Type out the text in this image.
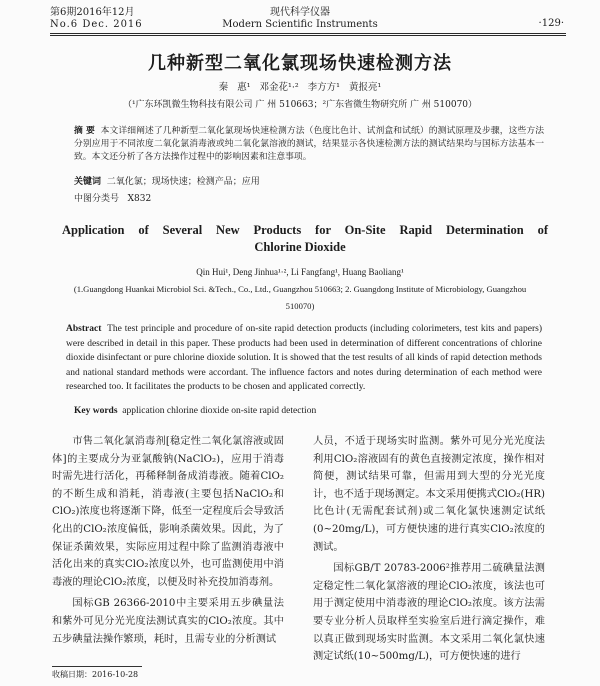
第6期2016年12月
No.6 Dec. 2016
现代科学仪器
Modern Scientific Instruments	·129·
几种新型二氧化氯现场快速检测方法
秦 惠¹ 邓金花¹·² 李方方¹ 黄报亮¹
（¹广东环凯微生物科技有限公司 广 州 510663；²广东省微生物研究所 广 州 510070）
摘 要 本文详细阐述了几种新型二氧化氯现场快速检测方法（色度比色计、试剂盒和试纸）的测试原理及步骤，这些方法分别应用于不同浓度二氧化氯消毒液或纯二氧化氯溶液的测试，结果显示各快速检测方法的测试结果均与国标方法基本一致。本文还分析了各方法操作过程中的影响因素和注意事项。
关键词 二氧化氯；现场快速；检测产品；应用
中图分类号 X832
Application of Several New Products for On-Site Rapid Determination of
Chlorine Dioxide
Qin Hui¹, Deng Jinhua¹·², Li Fangfang¹, Huang Baoliang¹
(1.Guangdong Huankai Microbiol Sci. &Tech., Co., Ltd., Guangzhou 510663; 2. Guangdong Institute of Microbiology, Guangzhou
510070)
Abstract The test principle and procedure of on-site rapid detection products (including colorimeters, test kits and papers) were described in detail in this paper. These products had been used in determination of different concentrations of chlorine dioxide disinfectant or pure chlorine dioxide solution. It is showed that the test results of all kinds of rapid detection methods and national standard methods were accordant. The influence factors and notes during determination of each method were researched too. It facilitates the products to be chosen and applicated correctly.
Key words application chlorine dioxide on-site rapid detection

市售二氧化氯消毒剂[稳定性二氧化氯溶液或固体]的主要成分为亚氯酸钠(NaClO₂)，应用于消毒时需先进行活化，再稀释制备成消毒液。随着ClO₂的不断生成和消耗，消毒液(主要包括NaClO₂和ClO₂)浓度也将逐渐下降，低至一定程度后会导致活化出的ClO₂浓度偏低，影响杀菌效果。因此，为了保证杀菌效果，实际应用过程中除了监测消毒液中活化出来的真实ClO₂浓度以外，也可监测使用中消毒液的理论ClO₂浓度，以便及时补充投加消毒剂。

国标GB 26366-2010中主要采用五步碘量法和紫外可见分光光度法测试真实的ClO₂浓度。其中五步碘量法操作繁琐，耗时，且需专业的分析测试

人员，不适于现场实时监测。紫外可见分光光度法利用ClO₂溶液固有的黄色直接测定浓度，操作相对简便，测试结果可靠，但需用到大型的分光光度计，也不适于现场测定。本文采用便携式ClO₂(HR)比色计(无需配套试剂)或二氧化氯快速测定试纸(0~20mg/L)，可方便快速的进行真实ClO₂浓度的测试。

国标GB/T 20783-2006²推荐用二硫碘量法测定稳定性二氧化氯溶液的理论ClO₂浓度，该法也可用于测定使用中消毒液的理论ClO₂浓度。该方法需要专业分析人员取样至实验室后进行滴定操作，难以真正做到现场实时监测。本文采用二氧化氯快速测定试纸(10~500mg/L)，可方便快速的进行

收稿日期：2016-10-28
